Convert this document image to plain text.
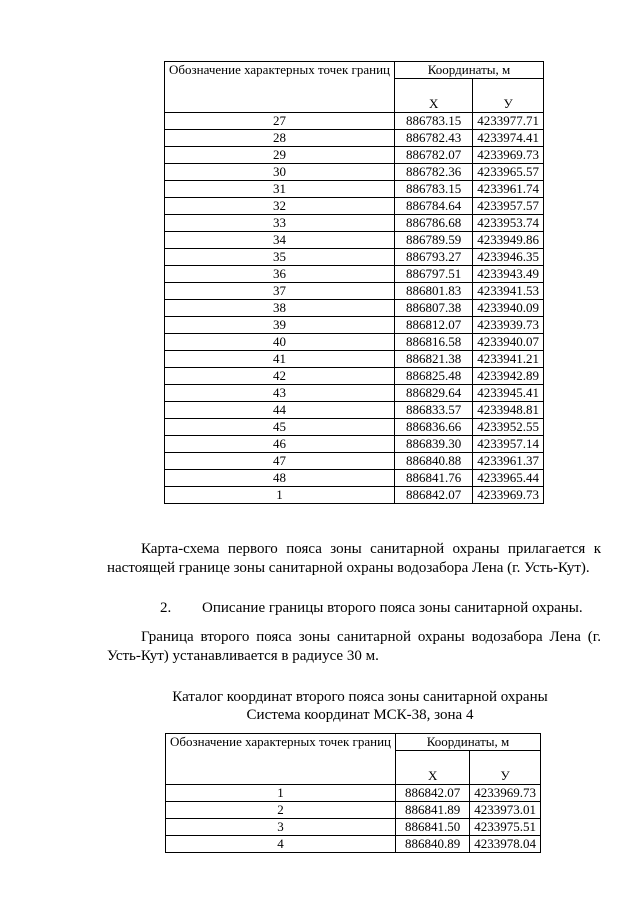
Обозначение характерных точек границ	Координаты, м	
	Х	У
27	886783.15	4233977.71
28	886782.43	4233974.41
29	886782.07	4233969.73
30	886782.36	4233965.57
31	886783.15	4233961.74
32	886784.64	4233957.57
33	886786.68	4233953.74
34	886789.59	4233949.86
35	886793.27	4233946.35
36	886797.51	4233943.49
37	886801.83	4233941.53
38	886807.38	4233940.09
39	886812.07	4233939.73
40	886816.58	4233940.07
41	886821.38	4233941.21
42	886825.48	4233942.89
43	886829.64	4233945.41
44	886833.57	4233948.81
45	886836.66	4233952.55
46	886839.30	4233957.14
47	886840.88	4233961.37
48	886841.76	4233965.44
1	886842.07	4233969.73
Карта-схема первого пояса зоны санитарной охраны прилагается к настоящей границе зоны санитарной охраны водозабора Лена (г. Усть-Кут).
2. Описание границы второго пояса зоны санитарной охраны.
Граница второго пояса зоны санитарной охраны водозабора Лена (г. Усть-Кут) устанавливается в радиусе 30 м.
Каталог координат второго пояса зоны санитарной охраны
Система координат МСК-38, зона 4
Обозначение характерных точек границ	Координаты, м	
	Х	У
1	886842.07	4233969.73
2	886841.89	4233973.01
3	886841.50	4233975.51
4	886840.89	4233978.04
